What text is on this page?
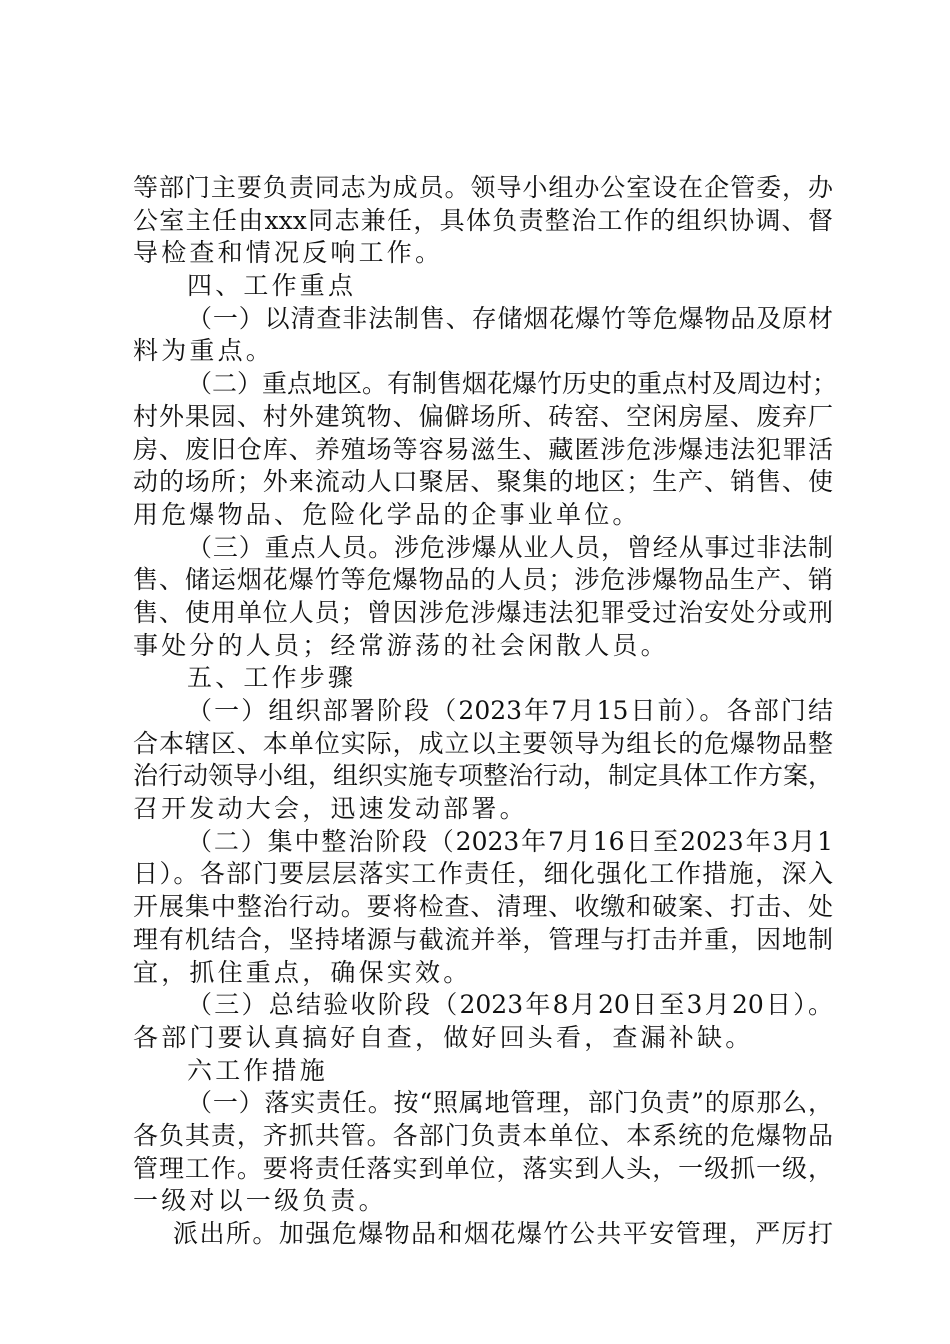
等部门主要负责同志为成员。领导小组办公室设在企管委，办
公室主任由xxx同志兼任，具体负责整治工作的组织协调、督
导检查和情况反响工作。
四、工作重点
（一）以清查非法制售、存储烟花爆竹等危爆物品及原材
料为重点。
（二）重点地区。有制售烟花爆竹历史的重点村及周边村；
村外果园、村外建筑物、偏僻场所、砖窑、空闲房屋、废弃厂
房、废旧仓库、养殖场等容易滋生、藏匿涉危涉爆违法犯罪活
动的场所；外来流动人口聚居、聚集的地区；生产、销售、使
用危爆物品、危险化学品的企事业单位。
（三）重点人员。涉危涉爆从业人员，曾经从事过非法制
售、储运烟花爆竹等危爆物品的人员；涉危涉爆物品生产、销
售、使用单位人员；曾因涉危涉爆违法犯罪受过治安处分或刑
事处分的人员；经常游荡的社会闲散人员。
五、工作步骤
（一）组织部署阶段（2023年7月15日前）。各部门结
合本辖区、本单位实际，成立以主要领导为组长的危爆物品整
治行动领导小组，组织实施专项整治行动，制定具体工作方案，
召开发动大会，迅速发动部署。
（二）集中整治阶段（2023年7月16日至2023年3月1
日）。各部门要层层落实工作责任，细化强化工作措施，深入
开展集中整治行动。要将检查、清理、收缴和破案、打击、处
理有机结合，坚持堵源与截流并举，管理与打击并重，因地制
宜，抓住重点，确保实效。
（三）总结验收阶段（2023年8月20日至3月20日）。
各部门要认真搞好自查，做好回头看，查漏补缺。
六工作措施
（一）落实责任。按“照属地管理，部门负责”的原那么，
各负其责，齐抓共管。各部门负责本单位、本系统的危爆物品
管理工作。要将责任落实到单位，落实到人头，一级抓一级，
一级对以一级负责。
派出所。加强危爆物品和烟花爆竹公共平安管理，严厉打
